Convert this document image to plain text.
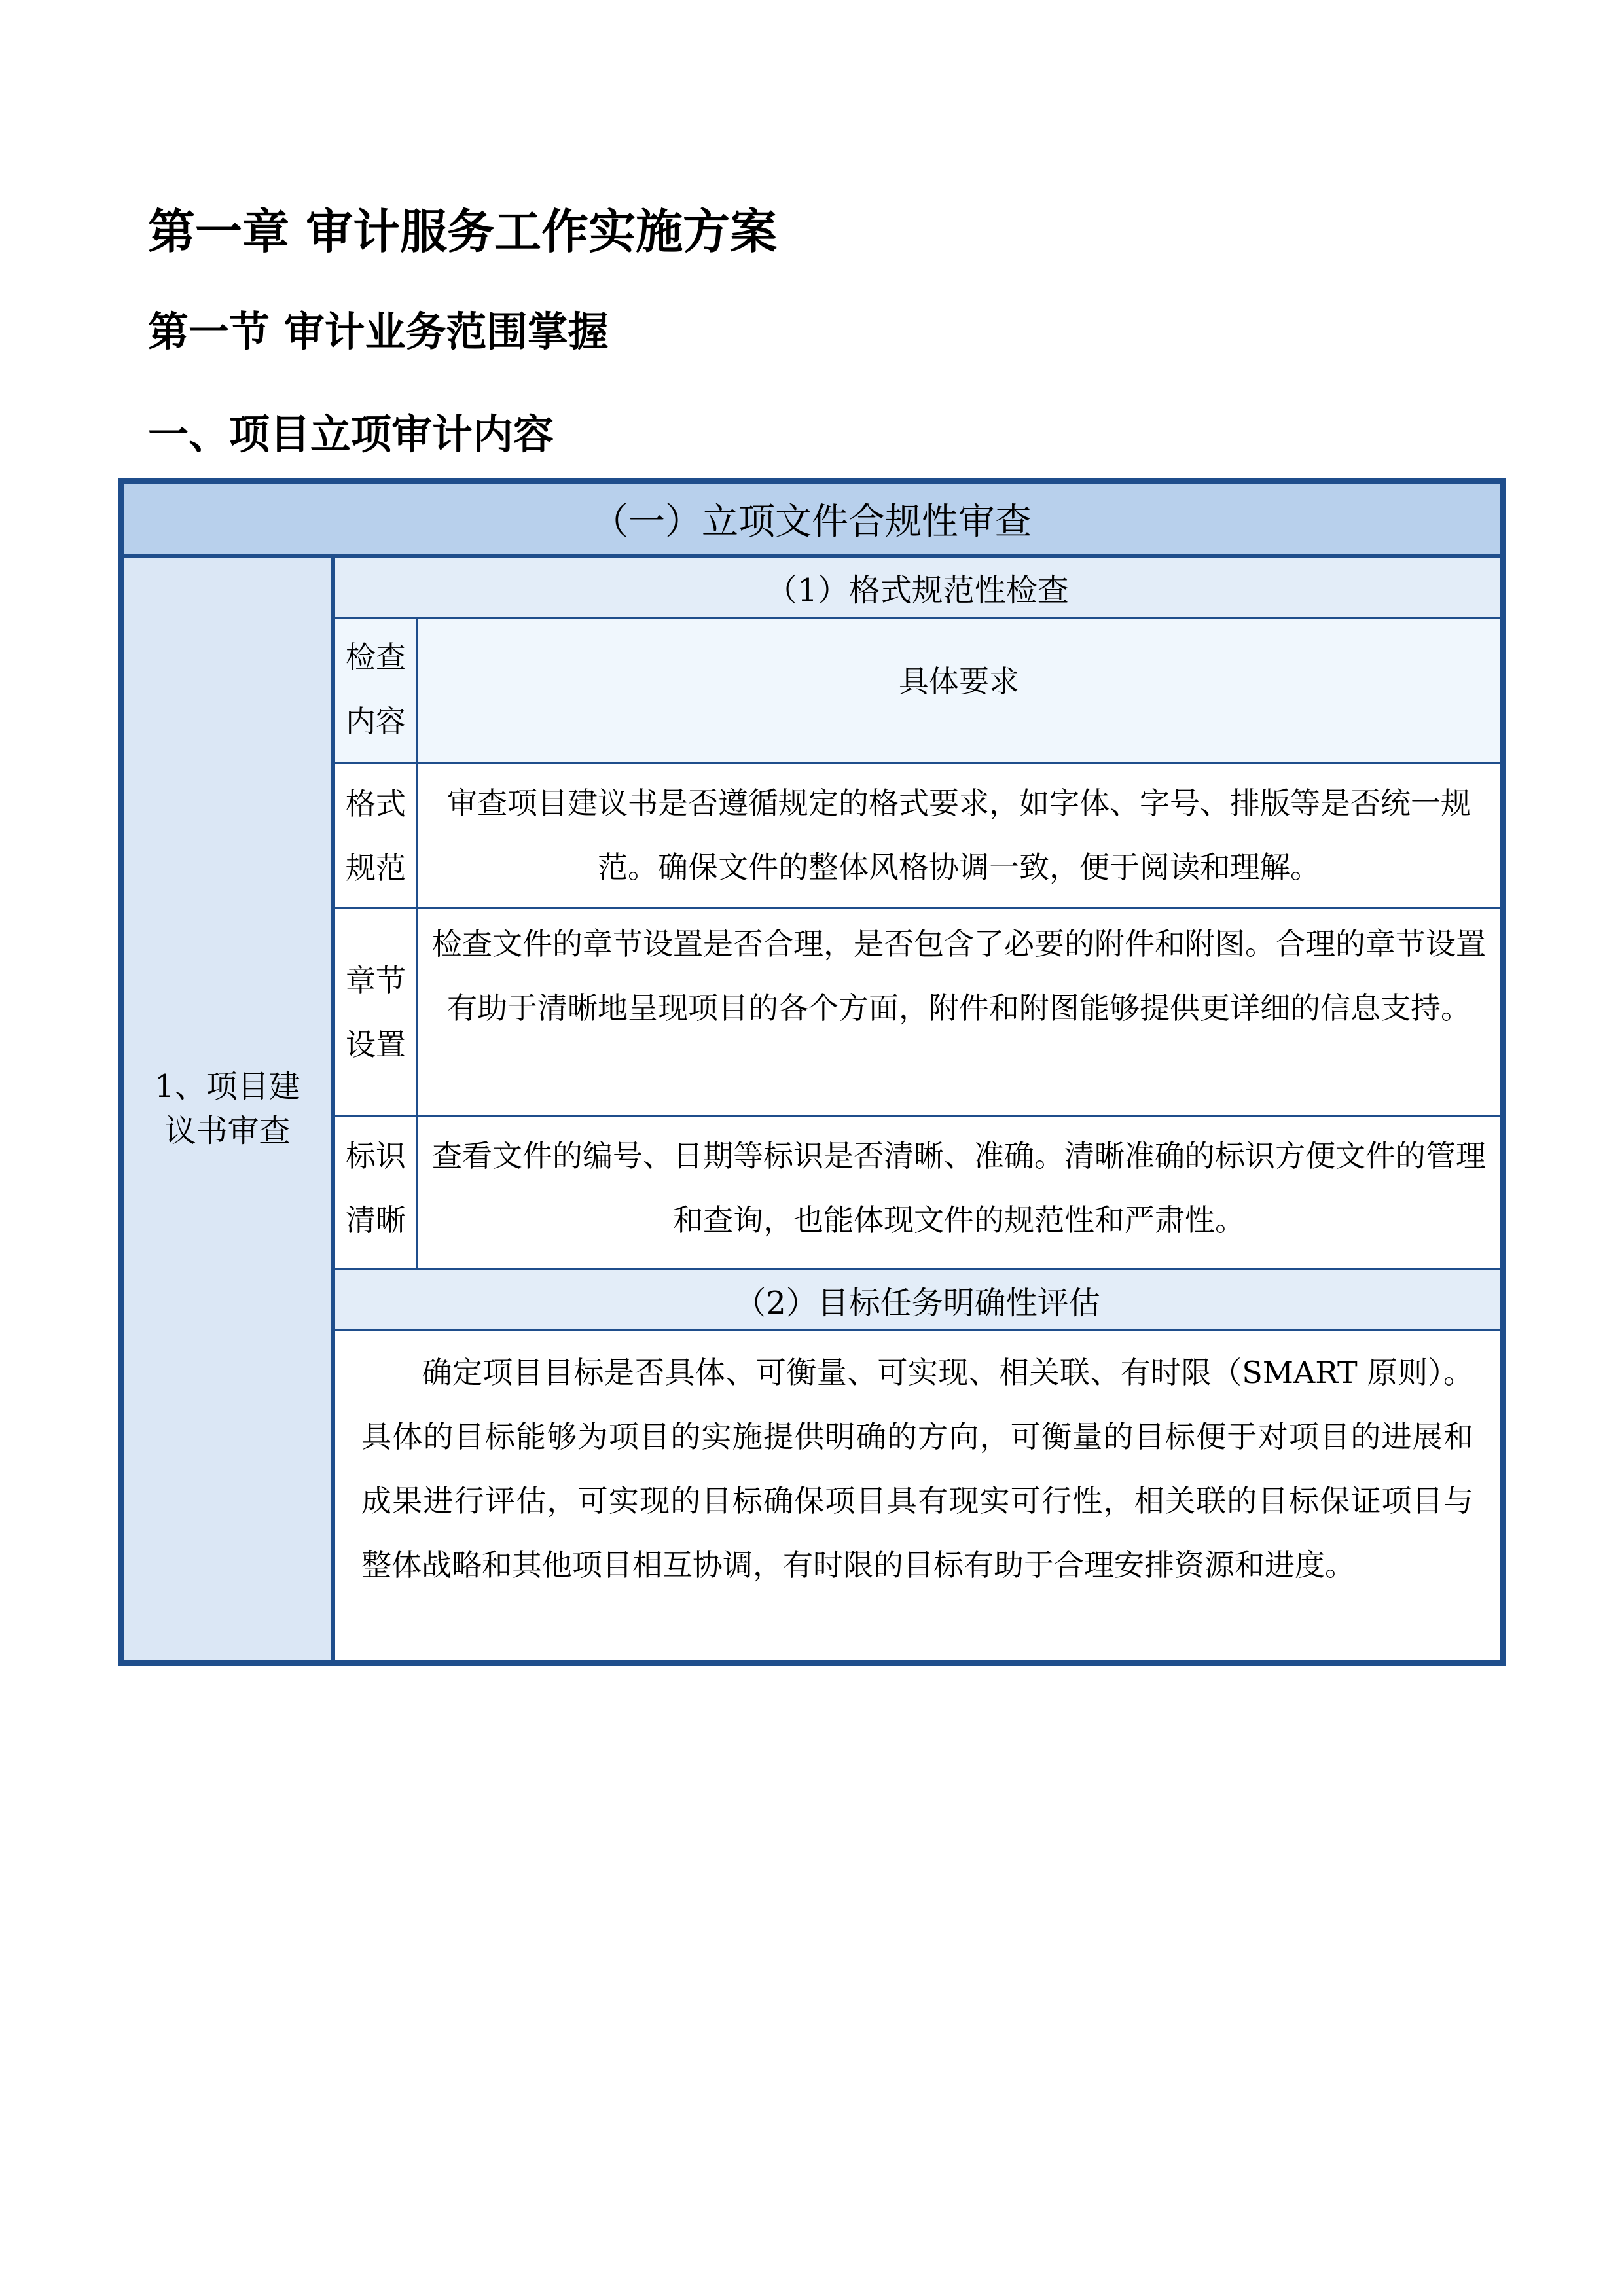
第一章 审计服务工作实施方案
第一节 审计业务范围掌握
一、项目立项审计内容
（一）立项文件合规性审查
1、项目建议书审查
（1）格式规范性检查
检查内容
具体要求
格式规范
审查项目建议书是否遵循规定的格式要求，如字体、字号、排版等是否统一规范。确保文件的整体风格协调一致，便于阅读和理解。
章节设置
检查文件的章节设置是否合理，是否包含了必要的附件和附图。合理的章节设置有助于清晰地呈现项目的各个方面，附件和附图能够提供更详细的信息支持。
标识清晰
查看文件的编号、日期等标识是否清晰、准确。清晰准确的标识方便文件的管理和查询，也能体现文件的规范性和严肃性。
（2）目标任务明确性评估
确定项目目标是否具体、可衡量、可实现、相关联、有时限（SMART 原则）。具体的目标能够为项目的实施提供明确的方向，可衡量的目标便于对项目的进展和成果进行评估，可实现的目标确保项目具有现实可行性，相关联的目标保证项目与整体战略和其他项目相互协调，有时限的目标有助于合理安排资源和进度。
